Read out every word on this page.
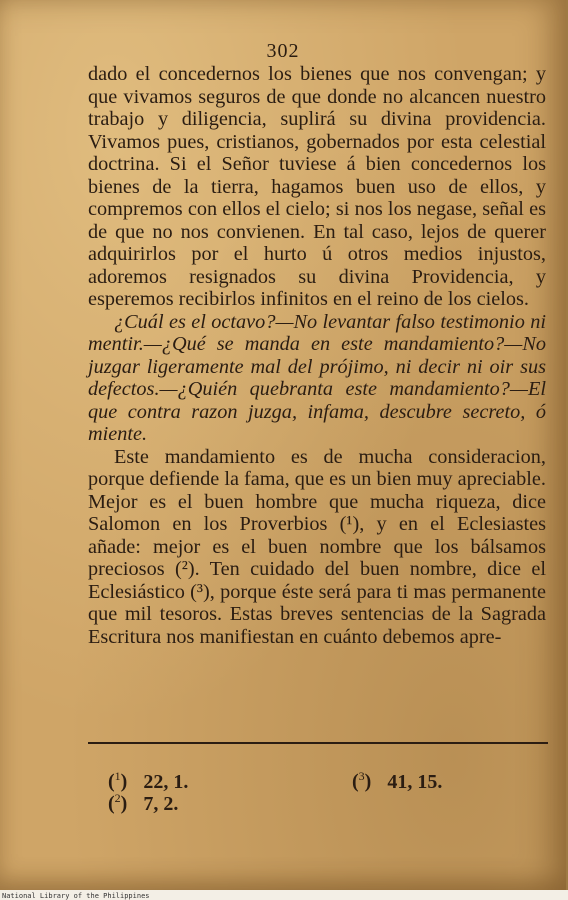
302

dado el concedernos los bienes que nos convengan; y que vivamos seguros de que donde no alcancen nuestro trabajo y diligencia, suplirá su divina providencia. Vivamos pues, cristianos, gobernados por esta celestial doctrina. Si el Señor tuviese á bien concedernos los bienes de la tierra, hagamos buen uso de ellos, y compremos con ellos el cielo; si nos los negase, señal es de que no nos convienen. En tal caso, lejos de querer adquirirlos por el hurto ú otros medios injustos, adoremos resignados su divina Providencia, y esperemos recibirlos infinitos en el reino de los cielos.

¿Cuál es el octavo?—No levantar falso testimonio ni mentir.—¿Qué se manda en este mandamiento?—No juzgar ligeramente mal del prójimo, ni decir ni oir sus defectos.—¿Quién quebranta este mandamiento?—El que contra razon juzga, infama, descubre secreto, ó miente.

Este mandamiento es de mucha consideracion, porque defiende la fama, que es un bien muy apreciable. Mejor es el buen hombre que mucha riqueza, dice Salomon en los Proverbios (¹), y en el Eclesiastes añade: mejor es el buen nombre que los bálsamos preciosos (²). Ten cuidado del buen nombre, dice el Eclesiástico (³), porque éste será para ti mas permanente que mil tesoros. Estas breves sentencias de la Sagrada Escritura nos manifiestan en cuánto debemos apre-

($^1$) 22, 1.
($^2$) 7, 2.
($^3$) 41, 15.
National Library of the Philippines
